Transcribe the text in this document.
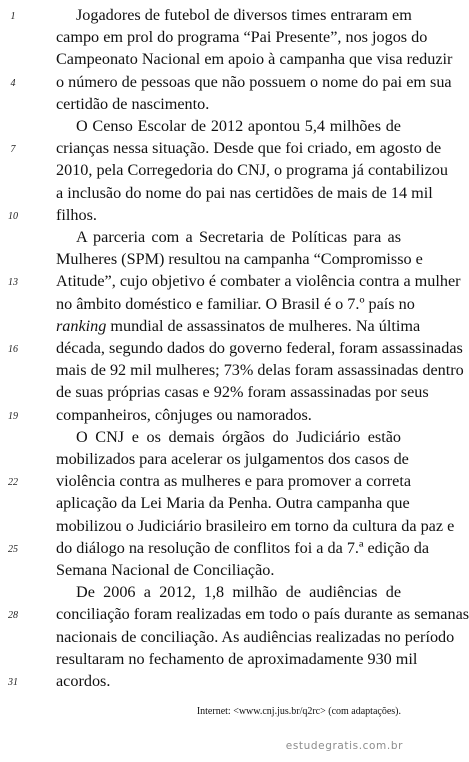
Jogadores de futebol de diversos times entraram em
campo em prol do programa “Pai Presente”, nos jogos do
Campeonato Nacional em apoio à campanha que visa reduzir
o número de pessoas que não possuem o nome do pai em sua
certidão de nascimento.
O Censo Escolar de 2012 apontou 5,4 milhões de
crianças nessa situação. Desde que foi criado, em agosto de
2010, pela Corregedoria do CNJ, o programa já contabilizou
a inclusão do nome do pai nas certidões de mais de 14 mil
filhos.
A parceria com a Secretaria de Políticas para as
Mulheres (SPM) resultou na campanha “Compromisso e
Atitude”, cujo objetivo é combater a violência contra a mulher
no âmbito doméstico e familiar. O Brasil é o 7.º país no
ranking mundial de assassinatos de mulheres. Na última
década, segundo dados do governo federal, foram assassinadas
mais de 92 mil mulheres; 73% delas foram assassinadas dentro
de suas próprias casas e 92% foram assassinadas por seus
companheiros, cônjuges ou namorados.
O CNJ e os demais órgãos do Judiciário estão
mobilizados para acelerar os julgamentos dos casos de
violência contra as mulheres e para promover a correta
aplicação da Lei Maria da Penha. Outra campanha que
mobilizou o Judiciário brasileiro em torno da cultura da paz e
do diálogo na resolução de conflitos foi a da 7.ª edição da
Semana Nacional de Conciliação.
De 2006 a 2012, 1,8 milhão de audiências de
conciliação foram realizadas em todo o país durante as semanas
nacionais de conciliação. As audiências realizadas no período
resultaram no fechamento de aproximadamente 930 mil
acordos.
1
4
7
10
13
16
19
22
25
28
31
Internet: <www.cnj.jus.br/q2rc> (com adaptações).
estudegratis.com.br
